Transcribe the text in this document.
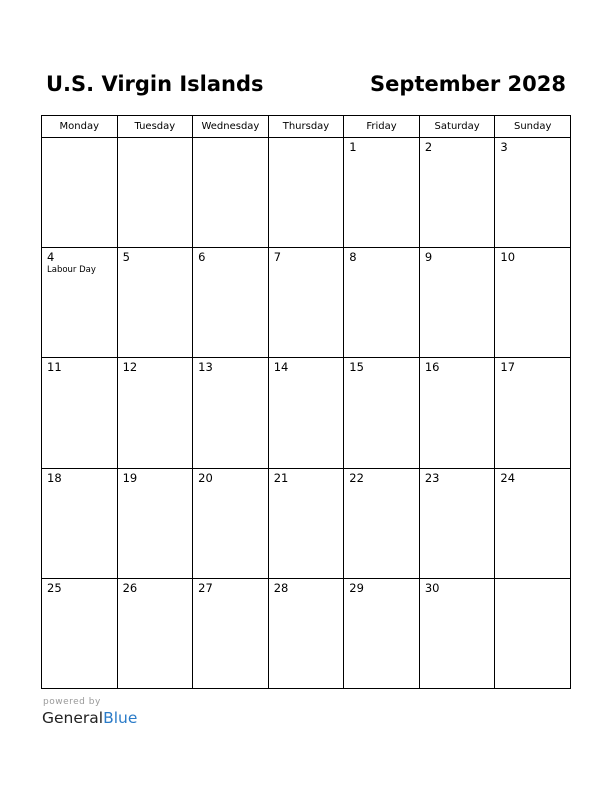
U.S. Virgin Islands	September 2028
Monday	Tuesday	Wednesday	Thursday	Friday	Saturday	Sunday

				1	2	3

4
Labour Day	5	6	7	8	9	10

11	12	13	14	15	16	17

18	19	20	21	22	23	24

25	26	27	28	29	30	

powered by
GeneralBlue
